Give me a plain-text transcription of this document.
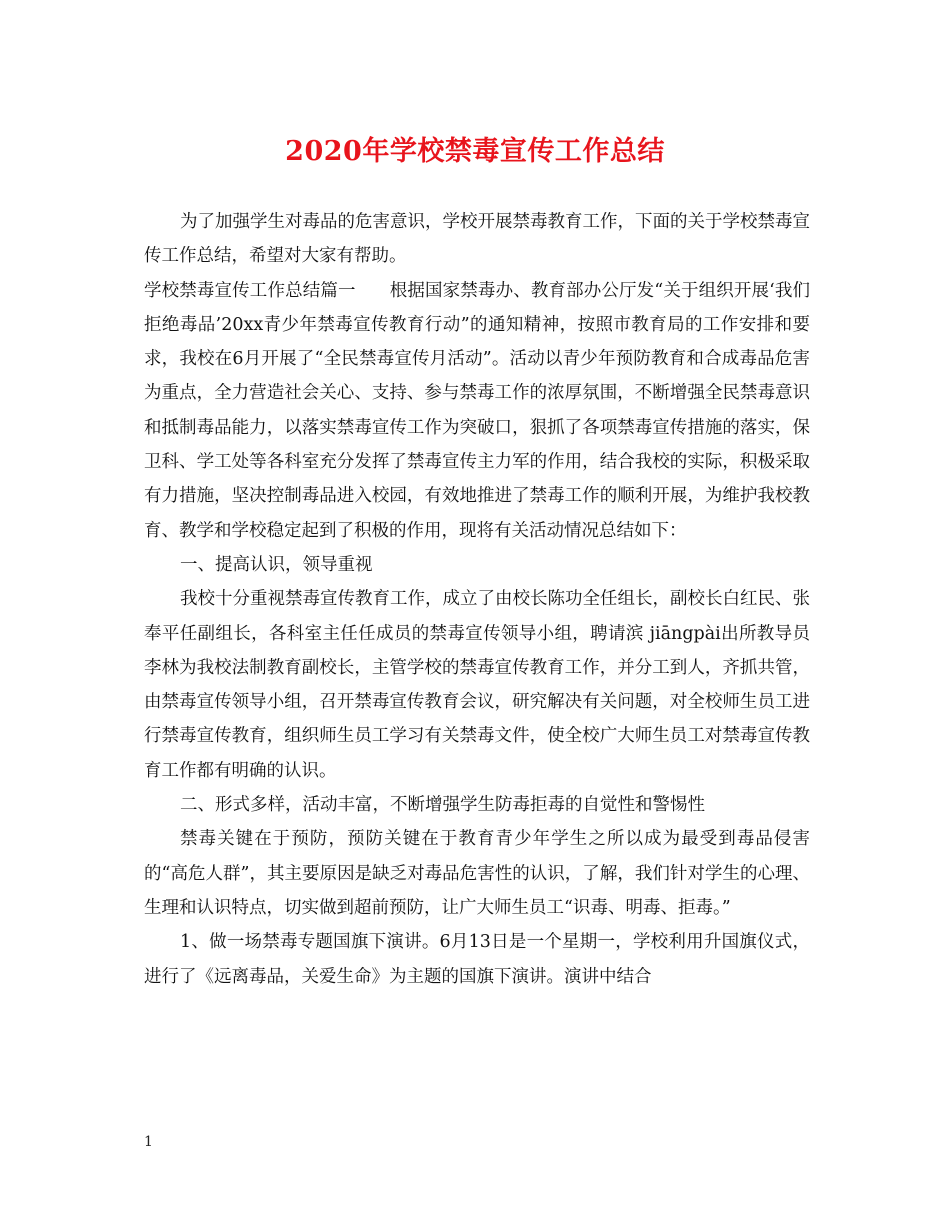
2020年学校禁毒宣传工作总结

为了加强学生对毒品的危害意识，学校开展禁毒教育工作，下面的关于学校禁毒宣传工作总结，希望对大家有帮助。

学校禁毒宣传工作总结篇一 根据国家禁毒办、教育部办公厅发“关于组织开展‘我们拒绝毒品’20xx青少年禁毒宣传教育行动”的通知精神，按照市教育局的工作安排和要求，我校在6月开展了“全民禁毒宣传月活动”。活动以青少年预防教育和合成毒品危害为重点，全力营造社会关心、支持、参与禁毒工作的浓厚氛围，不断增强全民禁毒意识和抵制毒品能力，以落实禁毒宣传工作为突破口，狠抓了各项禁毒宣传措施的落实，保卫科、学工处等各科室充分发挥了禁毒宣传主力军的作用，结合我校的实际，积极采取有力措施，坚决控制毒品进入校园，有效地推进了禁毒工作的顺利开展，为维护我校教育、教学和学校稳定起到了积极的作用，现将有关活动情况总结如下：

一、提高认识，领导重视

我校十分重视禁毒宣传教育工作，成立了由校长陈功全任组长，副校长白红民、张奉平任副组长，各科室主任任成员的禁毒宣传领导小组，聘请滨 jiāngpài出所教导员李林为我校法制教育副校长，主管学校的禁毒宣传教育工作，并分工到人，齐抓共管，由禁毒宣传领导小组，召开禁毒宣传教育会议，研究解决有关问题，对全校师生员工进行禁毒宣传教育，组织师生员工学习有关禁毒文件，使全校广大师生员工对禁毒宣传教育工作都有明确的认识。

二、形式多样，活动丰富，不断增强学生防毒拒毒的自觉性和警惕性

禁毒关键在于预防，预防关键在于教育青少年学生之所以成为最受到毒品侵害的“高危人群”，其主要原因是缺乏对毒品危害性的认识，了解，我们针对学生的心理、生理和认识特点，切实做到超前预防，让广大师生员工“识毒、明毒、拒毒。”

1、做一场禁毒专题国旗下演讲。6月13日是一个星期一，学校利用升国旗仪式，进行了《远离毒品，关爱生命》为主题的国旗下演讲。演讲中结合

1
